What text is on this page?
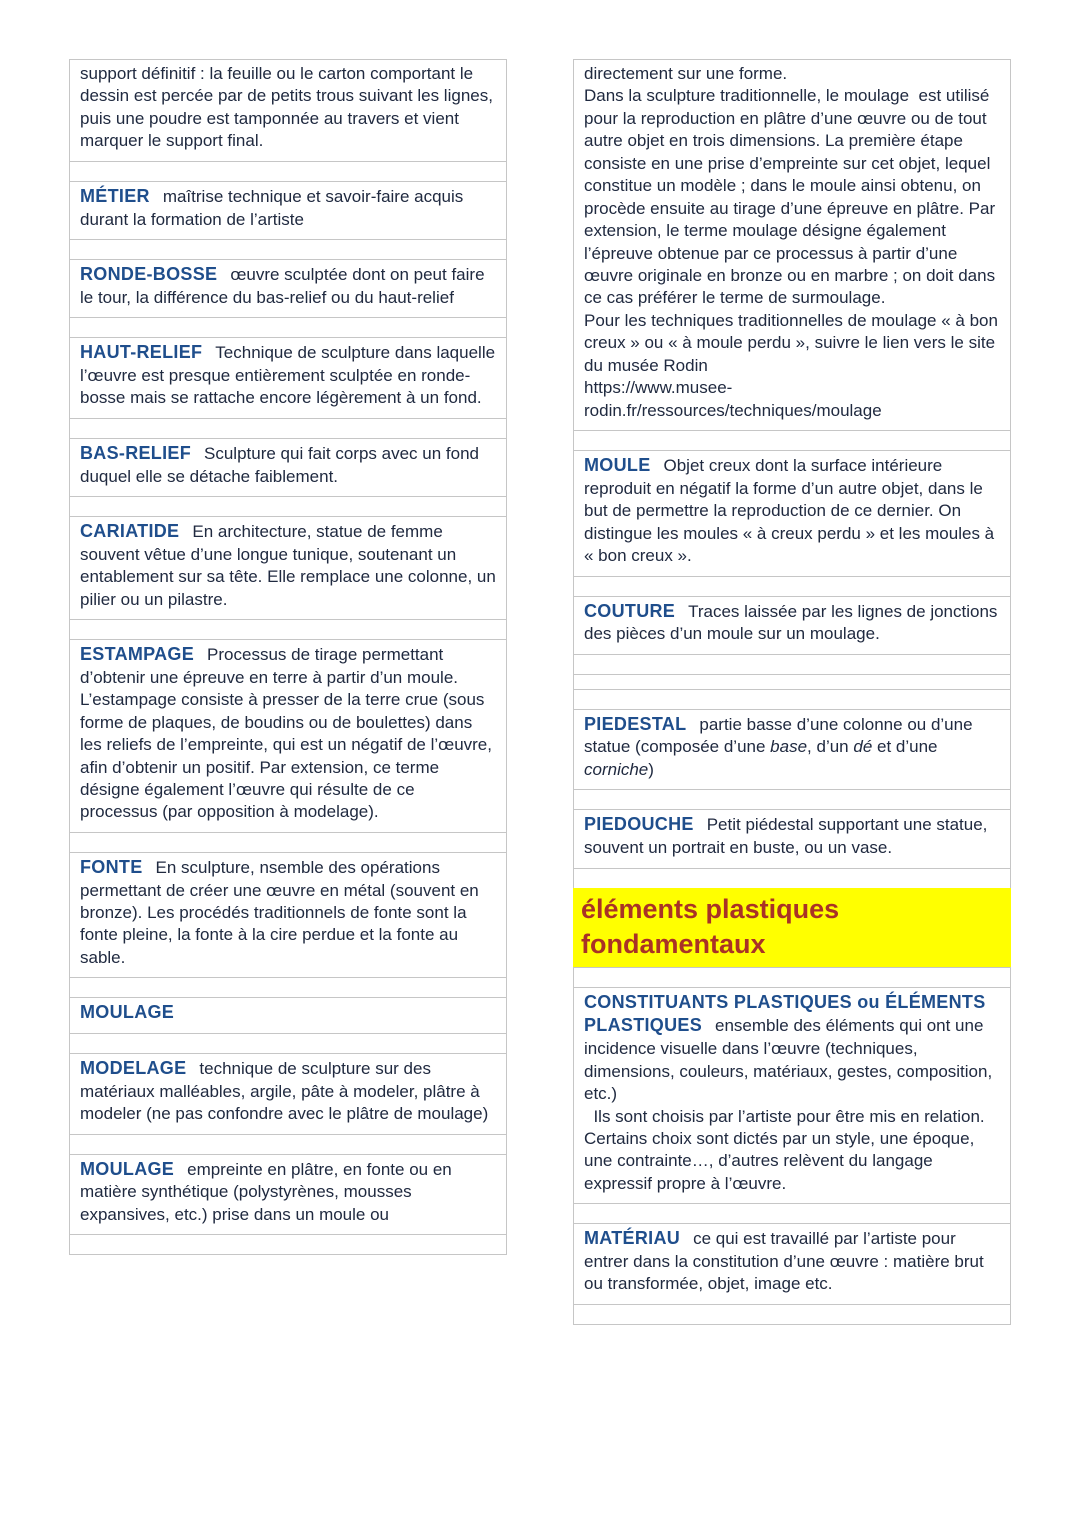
support définitif : la feuille ou le carton comportant le dessin est percée par de petits trous suivant les lignes, puis une poudre est tamponnée au travers et vient marquer le support final.

MÉTIER maîtrise technique et savoir-faire acquis durant la formation de l’artiste

RONDE-BOSSE œuvre sculptée dont on peut faire le tour, la différence du bas-relief ou du haut-relief

HAUT-RELIEF Technique de sculpture dans laquelle l’œuvre est presque entièrement sculptée en ronde-bosse mais se rattache encore légèrement à un fond.

BAS-RELIEF Sculpture qui fait corps avec un fond duquel elle se détache faiblement.

CARIATIDE En architecture, statue de femme souvent vêtue d’une longue tunique, soutenant un entablement sur sa tête. Elle remplace une colonne, un pilier ou un pilastre.

ESTAMPAGE Processus de tirage permettant d’obtenir une épreuve en terre à partir d’un moule. L’estampage consiste à presser de la terre crue (sous forme de plaques, de boudins ou de boulettes) dans les reliefs de l’empreinte, qui est un négatif de l’œuvre, afin d’obtenir un positif. Par extension, ce terme désigne également l’œuvre qui résulte de ce processus (par opposition à modelage).

FONTE En sculpture, nsemble des opérations permettant de créer une œuvre en métal (souvent en bronze). Les procédés traditionnels de fonte sont la fonte pleine, la fonte à la cire perdue et la fonte au sable.

MOULAGE

MODELAGE technique de sculpture sur des matériaux malléables, argile, pâte à modeler, plâtre à modeler (ne pas confondre avec le plâtre de moulage)

MOULAGE empreinte en plâtre, en fonte ou en matière synthétique (polystyrènes, mousses expansives, etc.) prise dans un moule ou

directement sur une forme.

Dans la sculpture traditionnelle, le moulage  est utilisé pour la reproduction en plâtre d’une œuvre ou de tout autre objet en trois dimensions. La première étape consiste en une prise d’empreinte sur cet objet, lequel constitue un modèle ; dans le moule ainsi obtenu, on procède ensuite au tirage d’une épreuve en plâtre. Par extension, le terme moulage désigne également l’épreuve obtenue par ce processus à partir d’une œuvre originale en bronze ou en marbre ; on doit dans ce cas préférer le terme de surmoulage.

Pour les techniques traditionnelles de moulage « à bon creux » ou « à moule perdu », suivre le lien vers le site du musée Rodin

https://www.musee-rodin.fr/ressources/techniques/moulage

MOULE Objet creux dont la surface intérieure reproduit en négatif la forme d’un autre objet, dans le but de permettre la reproduction de ce dernier. On distingue les moules « à creux perdu » et les moules à « bon creux ».

COUTURE Traces laissée par les lignes de jonctions des pièces d’un moule sur un moulage.

PIEDESTAL partie basse d’une colonne ou d’une statue (composée d’une base, d’un dé et d’une corniche)

PIEDOUCHE Petit piédestal supportant une statue, souvent un portrait en buste, ou un vase.

éléments plastiques fondamentaux

CONSTITUANTS PLASTIQUES ou ÉLÉMENTS PLASTIQUES ensemble des éléments qui ont une incidence visuelle dans l’œuvre (techniques, dimensions, couleurs, matériaux, gestes, composition, etc.)

Ils sont choisis par l’artiste pour être mis en relation. Certains choix sont dictés par un style, une époque, une contrainte…, d’autres relèvent du langage expressif propre à l’œuvre.

MATÉRIAU ce qui est travaillé par l’artiste pour entrer dans la constitution d’une œuvre : matière brut ou transformée, objet, image etc.
